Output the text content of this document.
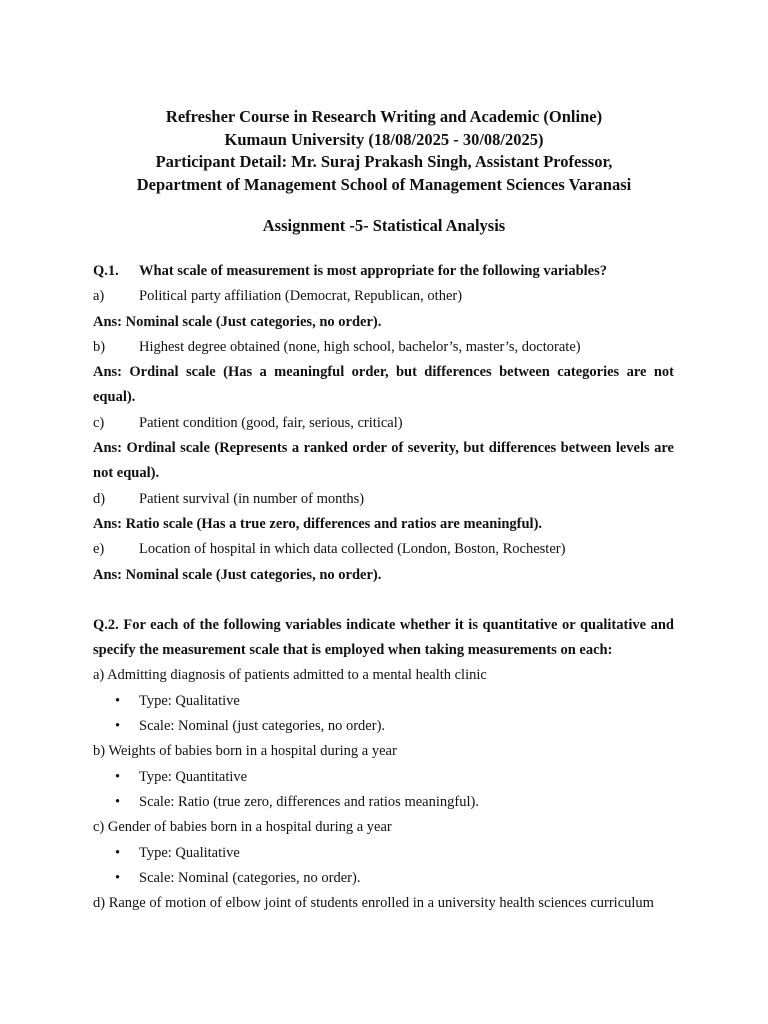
Refresher Course in Research Writing and Academic (Online)
Kumaun University (18/08/2025 - 30/08/2025)
Participant Detail: Mr. Suraj Prakash Singh, Assistant Professor,
Department of Management School of Management Sciences Varanasi
Assignment -5- Statistical Analysis
Q.1.	What scale of measurement is most appropriate for the following variables?
a)	Political party affiliation (Democrat, Republican, other)
Ans: Nominal scale (Just categories, no order).
b)	Highest degree obtained (none, high school, bachelor’s, master’s, doctorate)
Ans: Ordinal scale (Has a meaningful order, but differences between categories are not equal).
c)	Patient condition (good, fair, serious, critical)
Ans: Ordinal scale (Represents a ranked order of severity, but differences between levels are not equal).
d)	Patient survival (in number of months)
Ans: Ratio scale (Has a true zero, differences and ratios are meaningful).
e)	Location of hospital in which data collected (London, Boston, Rochester)
Ans: Nominal scale (Just categories, no order).
Q.2. For each of the following variables indicate whether it is quantitative or qualitative and specify the measurement scale that is employed when taking measurements on each:
a) Admitting diagnosis of patients admitted to a mental health clinic
•	Type: Qualitative
•	Scale: Nominal (just categories, no order).
b) Weights of babies born in a hospital during a year
•	Type: Quantitative
•	Scale: Ratio (true zero, differences and ratios meaningful).
c) Gender of babies born in a hospital during a year
•	Type: Qualitative
•	Scale: Nominal (categories, no order).
d) Range of motion of elbow joint of students enrolled in a university health sciences curriculum
